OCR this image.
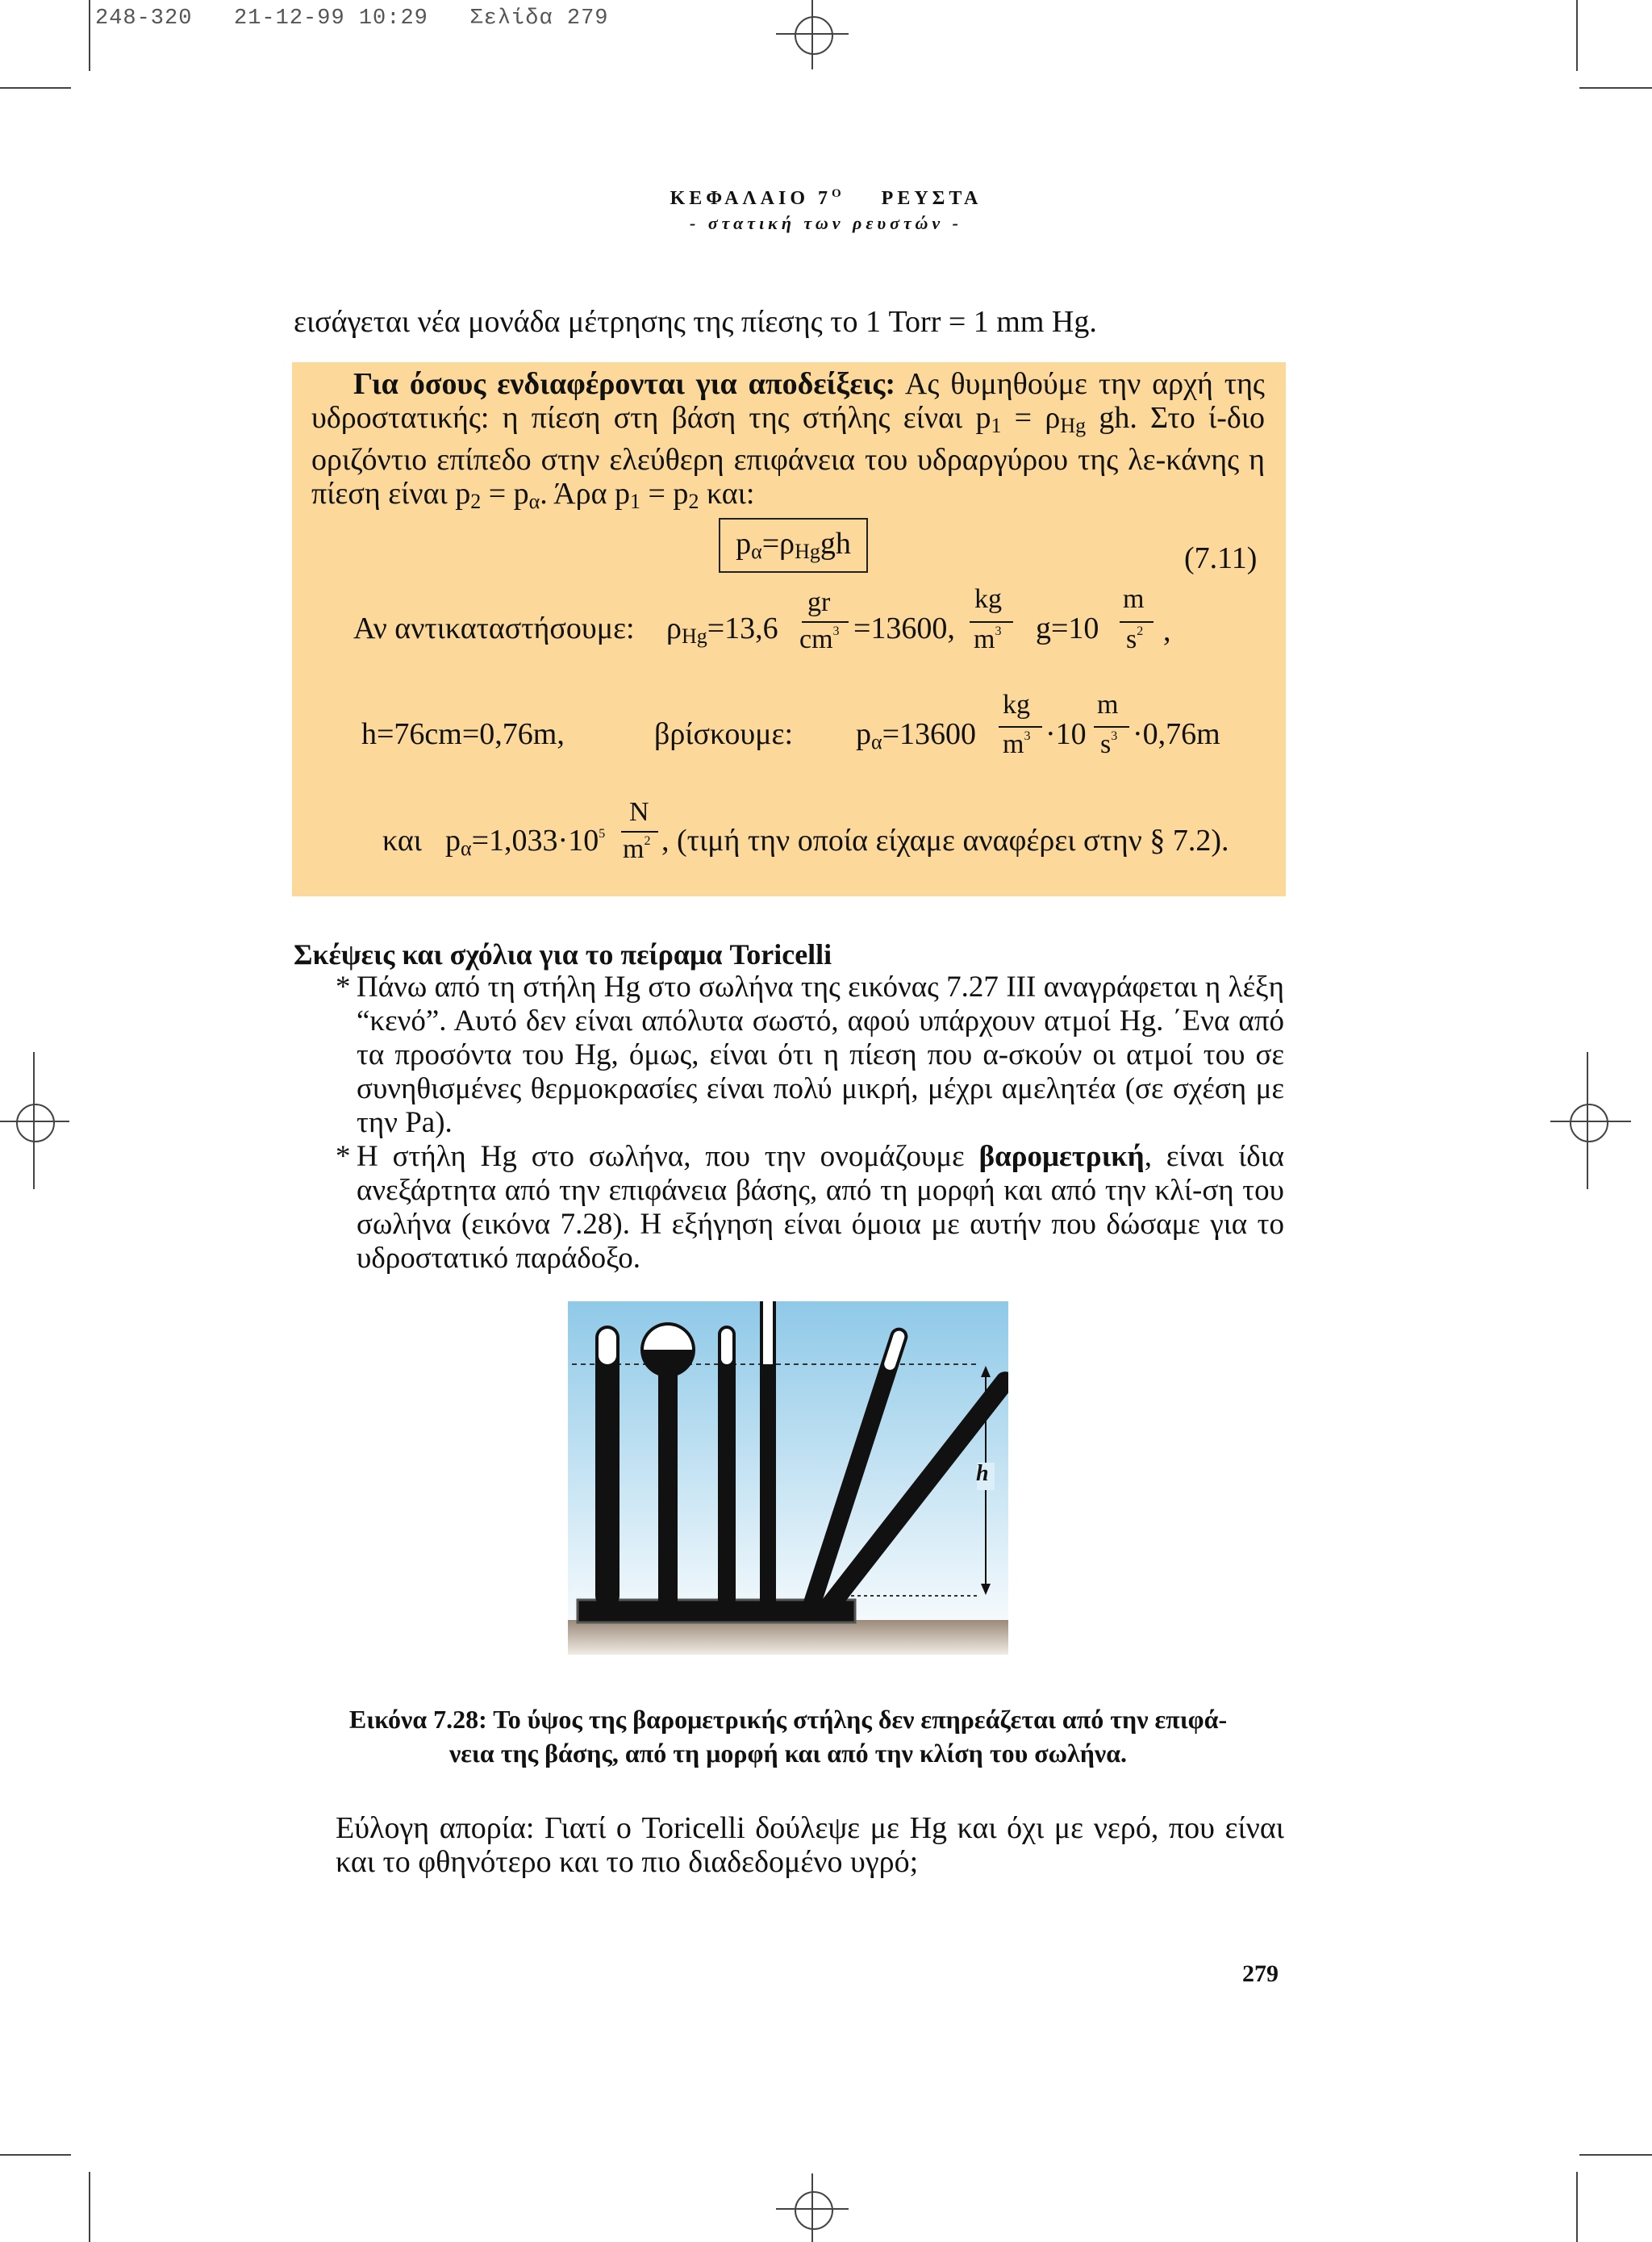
248-320   21-12-99 10:29   Σελίδα 279
ΚΕΦΑΛΑΙΟ $7^O$ ΡΕΥΣΤΑ
- στατική των ρευστών -
εισάγεται νέα μονάδα μέτρησης της πίεσης το 1 Torr = 1 mm Hg.
Για όσους ενδιαφέρονται για αποδείξεις: Ας θυμηθούμε την αρχή της υδροστατικής: η πίεση στη βάση της στήλης είναι $p_1 = \rho_{Hg}$ gh. Στο ί-διο οριζόντιο επίπεδο στην ελεύθερη επιφάνεια του υδραργύρου της λε-κάνης η πίεση είναι $p_2 = p_\alpha$. Άρα $p_1 = p_2$ και:
$p_\alpha=\rho_{Hg}gh$	(7.11)
Αν αντικαταστήσουμε: $\rho_{Hg}=13,6$
gr
$cm^3 =13600$,
kg
$m^3$ g=10
m
$s^2$ ,
h=76cm=0,76m,	βρίσκουμε: $p_\alpha=13600$
kg
$m^3 \cdot 10$
m
$s^3 \cdot 0,76m$
και $p_\alpha=1,033\cdot 10^5$
N
$m^2$ , (τιμή την οποία είχαμε αναφέρει στην § 7.2).
Σκέψεις και σχόλια για το πείραμα Toricelli
* Πάνω από τη στήλη Hg στο σωλήνα της εικόνας 7.27 ΙΙΙ αναγράφεται η λέξη “κενό”. Αυτό δεν είναι απόλυτα σωστό, αφού υπάρχουν ατμοί Hg. ΄Ενα από τα προσόντα του Hg, όμως, είναι ότι η πίεση που α-σκούν οι ατμοί του σε συνηθισμένες θερμοκρασίες είναι πολύ μικρή, μέχρι αμελητέα (σε σχέση με την Pa).
* Η στήλη Hg στο σωλήνα, που την ονομάζουμε βαρομετρική, είναι ίδια ανεξάρτητα από την επιφάνεια βάσης, από τη μορφή και από την κλί-ση του σωλήνα (εικόνα 7.28). Η εξήγηση είναι όμοια με αυτήν που δώσαμε για το υδροστατικό παράδοξο.
h
Εικόνα 7.28: Το ύψος της βαρομετρικής στήλης δεν επηρεάζεται από την επιφά-
νεια της βάσης, από τη μορφή και από την κλίση του σωλήνα.
Εύλογη απορία: Γιατί ο Toricelli δούλεψε με Hg και όχι με νερό, που είναι και το φθηνότερο και το πιο διαδεδομένο υγρό;
279
